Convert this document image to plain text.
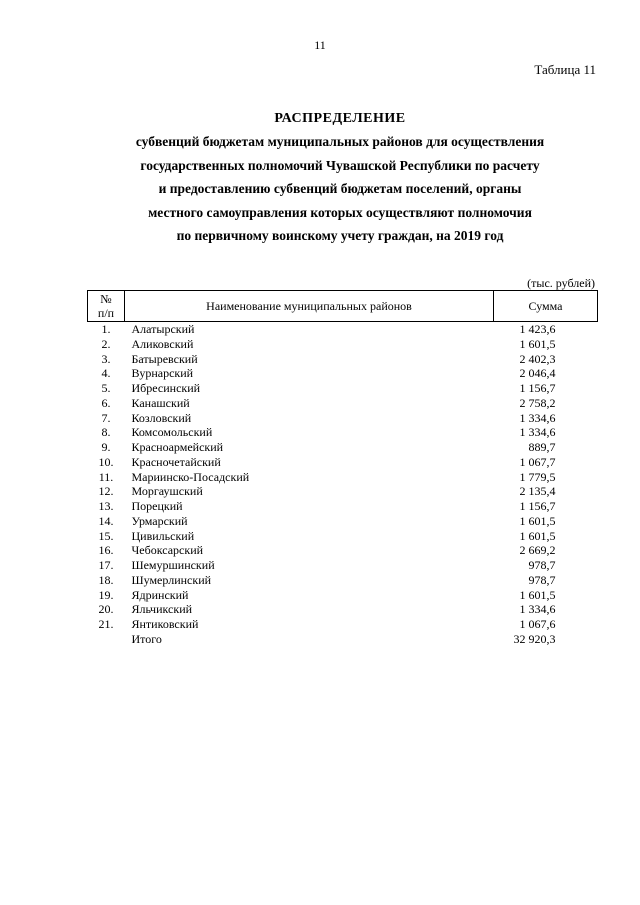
11
Таблица 11
РАСПРЕДЕЛЕНИЕ
субвенций бюджетам муниципальных районов для осуществления
государственных полномочий Чувашской Республики по расчету
и предоставлению субвенций бюджетам поселений, органы
местного самоуправления которых осуществляют полномочия
по первичному воинскому учету граждан, на 2019 год
(тыс. рублей)
№
п/п	Наименование муниципальных районов	Сумма
1.	Алатырский	1 423,6
2.	Аликовский	1 601,5
3.	Батыревский	2 402,3
4.	Вурнарский	2 046,4
5.	Ибресинский	1 156,7
6.	Канашский	2 758,2
7.	Козловский	1 334,6
8.	Комсомольский	1 334,6
9.	Красноармейский	889,7
10.	Красночетайский	1 067,7
11.	Мариинско-Посадский	1 779,5
12.	Моргаушский	2 135,4
13.	Порецкий	1 156,7
14.	Урмарский	1 601,5
15.	Цивильский	1 601,5
16.	Чебоксарский	2 669,2
17.	Шемуршинский	978,7
18.	Шумерлинский	978,7
19.	Ядринский	1 601,5
20.	Яльчикский	1 334,6
21.	Янтиковский	1 067,6
	Итого	32 920,3
